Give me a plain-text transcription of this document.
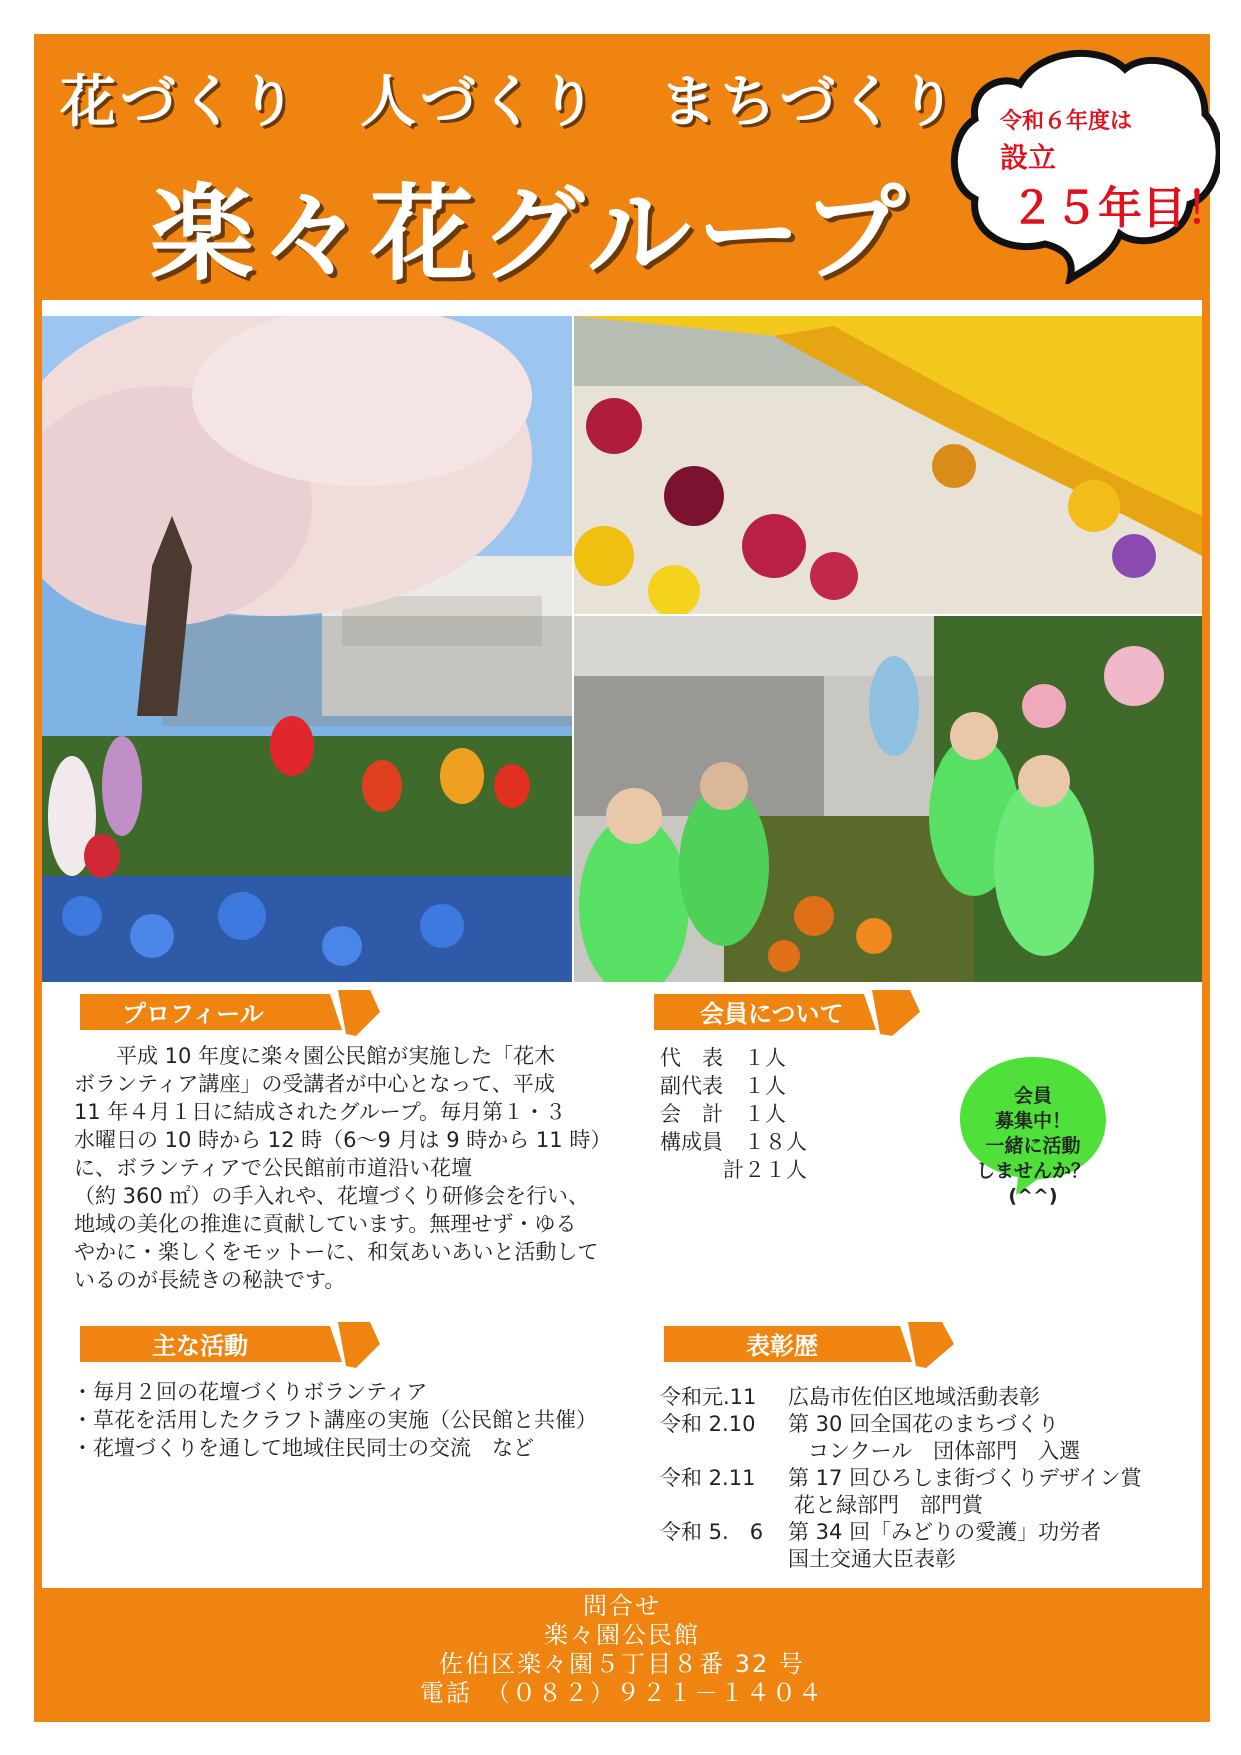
花づくり　人づくり　まちづくり
楽々花グループ
令和６年度は
設立
２５年目！
プロフィール
　　平成 10 年度に楽々園公民館が実施した「花木
ボランティア講座」の受講者が中心となって、平成
11 年４月１日に結成されたグループ。毎月第１・３
水曜日の 10 時から 12 時（6～9 月は 9 時から 11 時）
に、ボランティアで公民館前市道沿い花壇
（約 360 ㎡）の手入れや、花壇づくり研修会を行い、
地域の美化の推進に貢献しています。無理せず・ゆる
やかに・楽しくをモットーに、和気あいあいと活動して
いるのが長続きの秘訣です。
会員について
代　表　１人
副代表　１人
会　計　１人
構成員　１８人
　　　計２１人
会員
募集中！
一緒に活動
しませんか？
(^^)
主な活動
・毎月２回の花壇づくりボランティア
・草花を活用したクラフト講座の実施（公民館と共催）
・花壇づくりを通して地域住民同士の交流　など
表彰歴
令和元.11 広島市佐伯区地域活動表彰
令和 2.10 第 30 回全国花のまちづくり
コンクール　団体部門　入選
令和 2.11 第 17 回ひろしま街づくりデザイン賞
花と緑部門　部門賞
令和 5.　6 第 34 回「みどりの愛護」功労者
国土交通大臣表彰
問合せ
楽々園公民館
佐伯区楽々園５丁目８番 32 号
電話　（０８２）９２１－１４０４
